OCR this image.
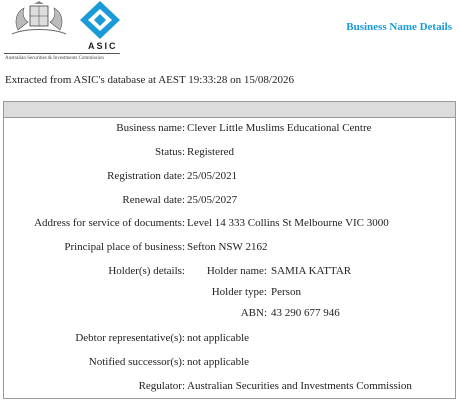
ASIC
Australian Securities & Investments Commission
Business Name Details
Extracted from ASIC's database at AEST 19:33:28 on 15/08/2026
Business name: Clever Little Muslims Educational Centre
Status: Registered
Registration date: 25/05/2021
Renewal date: 25/05/2027
Address for service of documents: Level 14 333 Collins St Melbourne VIC 3000
Principal place of business: Sefton NSW 2162
Holder(s) details: Holder name: SAMIA KATTAR
Holder type: Person
ABN: 43 290 677 946
Debtor representative(s): not applicable
Notified successor(s): not applicable
Regulator: Australian Securities and Investments Commission
